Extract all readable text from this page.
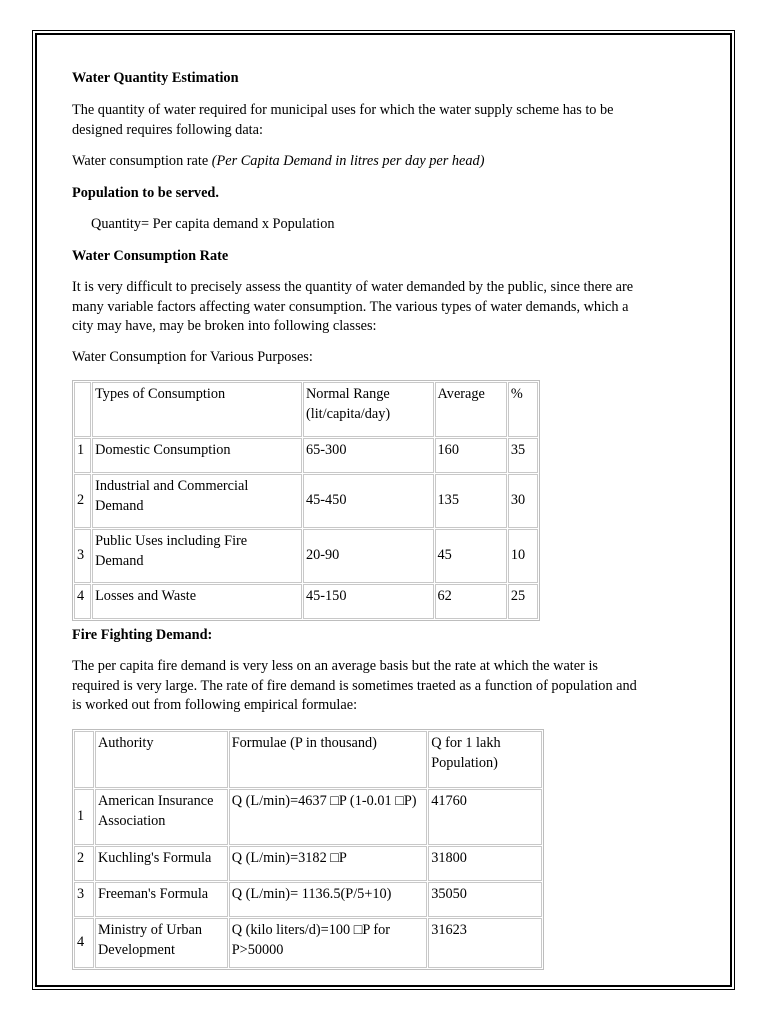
Water Quantity Estimation

The quantity of water required for municipal uses for which the water supply scheme has to be designed requires following data:

Water consumption rate (Per Capita Demand in litres per day per head)

Population to be served.

Quantity= Per capita demand x Population

Water Consumption Rate

It is very difficult to precisely assess the quantity of water demanded by the public, since there are many variable factors affecting water consumption. The various types of water demands, which a city may have, may be broken into following classes:

Water Consumption for Various Purposes:

Fire Fighting Demand:

The per capita fire demand is very less on an average basis but the rate at which the water is required is very large. The rate of fire demand is sometimes traeted as a function of population and is worked out from following empirical formulae:

	Types of Consumption	Normal Range (lit/capita/day)	Average	%
1	Domestic Consumption	65-300	160	35
2	Industrial and Commercial Demand	45-450	135	30
3	Public Uses including Fire Demand	20-90	45	10
4	Losses and Waste	45-150	62	25
	Authority	Formulae (P in thousand)	Q for 1 lakh Population)
1	American Insurance Association	Q (L/min)=4637 □P (1-0.01 □P)	41760
2	Kuchling's Formula	Q (L/min)=3182 □P	31800
3	Freeman's Formula	Q (L/min)= 1136.5(P/5+10)	35050
4	Ministry of Urban Development	Q (kilo liters/d)=100 □P for P>50000	31623
